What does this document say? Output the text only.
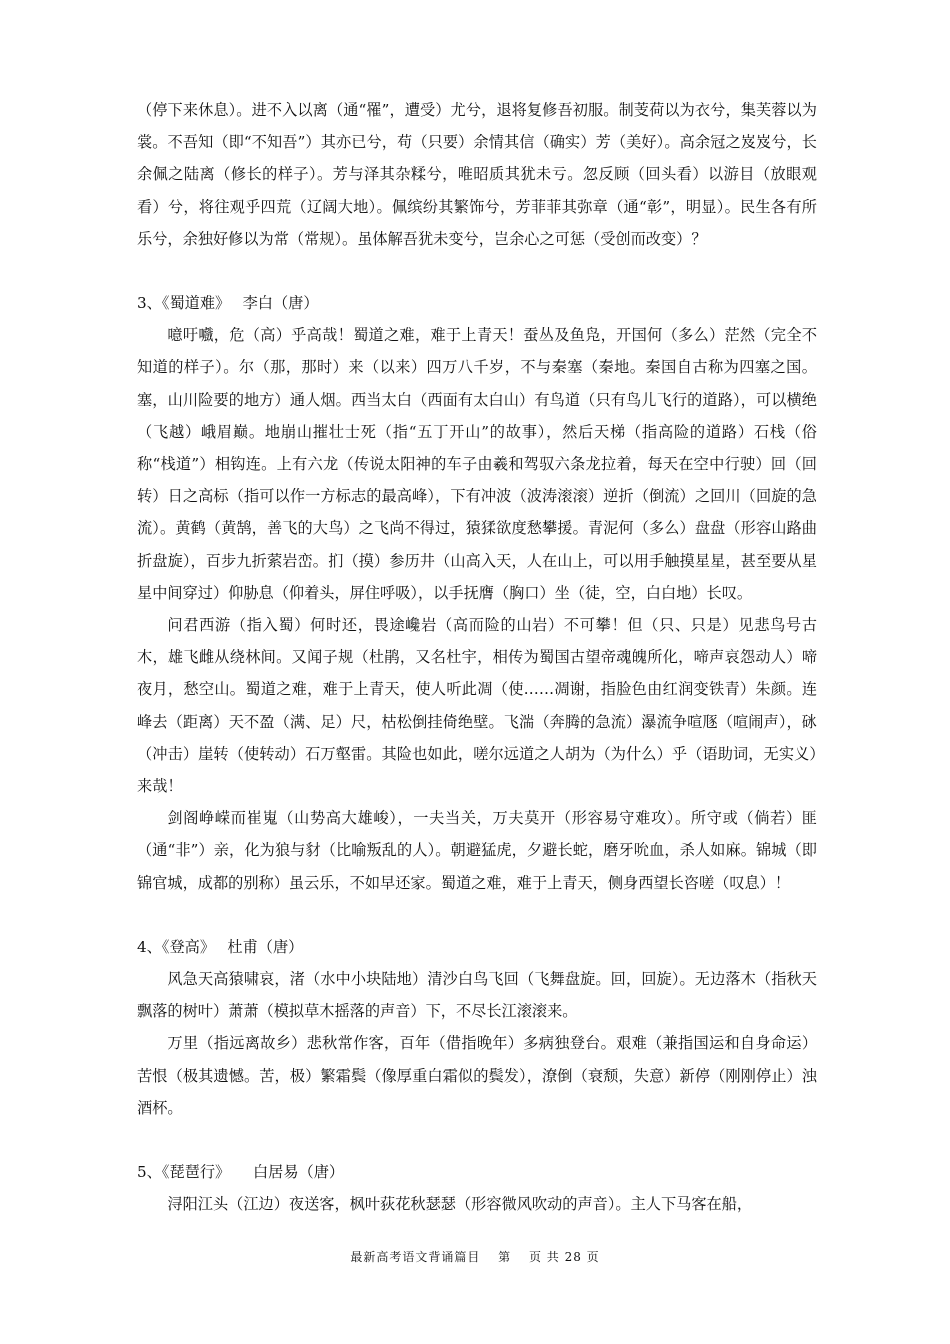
（停下来休息）。进不入以离（通“罹”，遭受）尤兮，退将复修吾初服。制芰荷以为衣兮，集芙蓉以为裳。不吾知（即“不知吾”）其亦已兮，苟（只要）余情其信（确实）芳（美好）。高余冠之岌岌兮，长余佩之陆离（修长的样子）。芳与泽其杂糅兮，唯昭质其犹未亏。忽反顾（回头看）以游目（放眼观看）兮，将往观乎四荒（辽阔大地）。佩缤纷其繁饰兮，芳菲菲其弥章（通“彰”，明显）。民生各有所乐兮，余独好修以为常（常规）。虽体解吾犹未变兮，岂余心之可惩（受创而改变）？

3、《蜀道难》　 李白（唐）

噫吁嚱，危（高）乎高哉！蜀道之难，难于上青天！蚕丛及鱼凫，开国何（多么）茫然（完全不知道的样子）。尔（那，那时）来（以来）四万八千岁，不与秦塞（秦地。秦国自古称为四塞之国。塞，山川险要的地方）通人烟。西当太白（西面有太白山）有鸟道（只有鸟儿飞行的道路），可以横绝（飞越）峨眉巅。地崩山摧壮士死（指“五丁开山”的故事），然后天梯（指高险的道路）石栈（俗称“栈道”）相钩连。上有六龙（传说太阳神的车子由羲和驾驭六条龙拉着，每天在空中行驶）回（回转）日之高标（指可以作一方标志的最高峰），下有冲波（波涛滚滚）逆折（倒流）之回川（回旋的急流）。黄鹤（黄鹄，善飞的大鸟）之飞尚不得过，猿猱欲度愁攀援。青泥何（多么）盘盘（形容山路曲折盘旋），百步九折萦岩峦。扪（摸）参历井（山高入天，人在山上，可以用手触摸星星，甚至要从星星中间穿过）仰胁息（仰着头，屏住呼吸），以手抚膺（胸口）坐（徒，空，白白地）长叹。

问君西游（指入蜀）何时还，畏途巉岩（高而险的山岩）不可攀！但（只、只是）见悲鸟号古木，雄飞雌从绕林间。又闻子规（杜鹃，又名杜宇，相传为蜀国古望帝魂魄所化，啼声哀怨动人）啼夜月，愁空山。蜀道之难，难于上青天，使人听此凋（使……凋谢，指脸色由红润变铁青）朱颜。连峰去（距离）天不盈（满、足）尺，枯松倒挂倚绝壁。飞湍（奔腾的急流）瀑流争喧豗（喧闹声），砯（冲击）崖转（使转动）石万壑雷。其险也如此，嗟尔远道之人胡为（为什么）乎（语助词，无实义）来哉！

剑阁峥嵘而崔嵬（山势高大雄峻），一夫当关，万夫莫开（形容易守难攻）。所守或（倘若）匪（通“非”）亲，化为狼与豺（比喻叛乱的人）。朝避猛虎，夕避长蛇，磨牙吮血，杀人如麻。锦城（即锦官城，成都的别称）虽云乐，不如早还家。蜀道之难，难于上青天，侧身西望长咨嗟（叹息）！

4、《登高》　 杜甫（唐）

风急天高猿啸哀，渚（水中小块陆地）清沙白鸟飞回（飞舞盘旋。回，回旋）。无边落木（指秋天飘落的树叶）萧萧（模拟草木摇落的声音）下，不尽长江滚滚来。

万里（指远离故乡）悲秋常作客，百年（借指晚年）多病独登台。艰难（兼指国运和自身命运）苦恨（极其遗憾。苦，极）繁霜鬓（像厚重白霜似的鬓发），潦倒（衰颓，失意）新停（刚刚停止）浊酒杯。

5、《琵琶行》　　白居易（唐）

浔阳江头（江边）夜送客，枫叶荻花秋瑟瑟（形容微风吹动的声音）。主人下马客在船，

最新高考语文背诵篇目　 第　 页 共 28 页
